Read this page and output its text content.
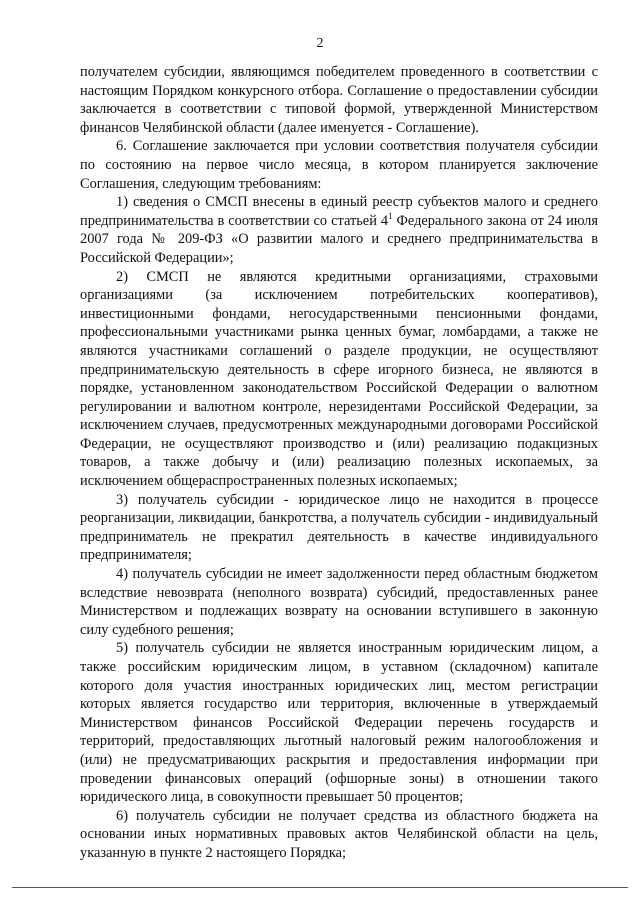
2

получателем субсидии, являющимся победителем проведенного в соответствии с настоящим Порядком конкурсного отбора. Соглашение о предоставлении субсидии заключается в соответствии с типовой формой, утвержденной Министерством финансов Челябинской области (далее именуется - Соглашение).

6. Соглашение заключается при условии соответствия получателя субсидии по состоянию на первое число месяца, в котором планируется заключение Соглашения, следующим требованиям:

1) сведения о СМСП внесены в единый реестр субъектов малого и среднего предпринимательства в соответствии со статьей $4^1$ Федерального закона от 24 июля 2007 года № 209-ФЗ «О развитии малого и среднего предпринимательства в Российской Федерации»;

2) СМСП не являются кредитными организациями, страховыми организациями (за исключением потребительских кооперативов), инвестиционными фондами, негосударственными пенсионными фондами, профессиональными участниками рынка ценных бумаг, ломбардами, а также не являются участниками соглашений о разделе продукции, не осуществляют предпринимательскую деятельность в сфере игорного бизнеса, не являются в порядке, установленном законодательством Российской Федерации о валютном регулировании и валютном контроле, нерезидентами Российской Федерации, за исключением случаев, предусмотренных международными договорами Российской Федерации, не осуществляют производство и (или) реализацию подакцизных товаров, а также добычу и (или) реализацию полезных ископаемых, за исключением общераспространенных полезных ископаемых;

3) получатель субсидии - юридическое лицо не находится в процессе реорганизации, ликвидации, банкротства, а получатель субсидии - индивидуальный предприниматель не прекратил деятельность в качестве индивидуального предпринимателя;

4) получатель субсидии не имеет задолженности перед областным бюджетом вследствие невозврата (неполного возврата) субсидий, предоставленных ранее Министерством и подлежащих возврату на основании вступившего в законную силу судебного решения;

5) получатель субсидии не является иностранным юридическим лицом, а также российским юридическим лицом, в уставном (складочном) капитале которого доля участия иностранных юридических лиц, местом регистрации которых является государство или территория, включенные в утверждаемый Министерством финансов Российской Федерации перечень государств и территорий, предоставляющих льготный налоговый режим налогообложения и (или) не предусматривающих раскрытия и предоставления информации при проведении финансовых операций (офшорные зоны) в отношении такого юридического лица, в совокупности превышает 50 процентов;

6) получатель субсидии не получает средства из областного бюджета на основании иных нормативных правовых актов Челябинской области на цель, указанную в пункте 2 настоящего Порядка;
